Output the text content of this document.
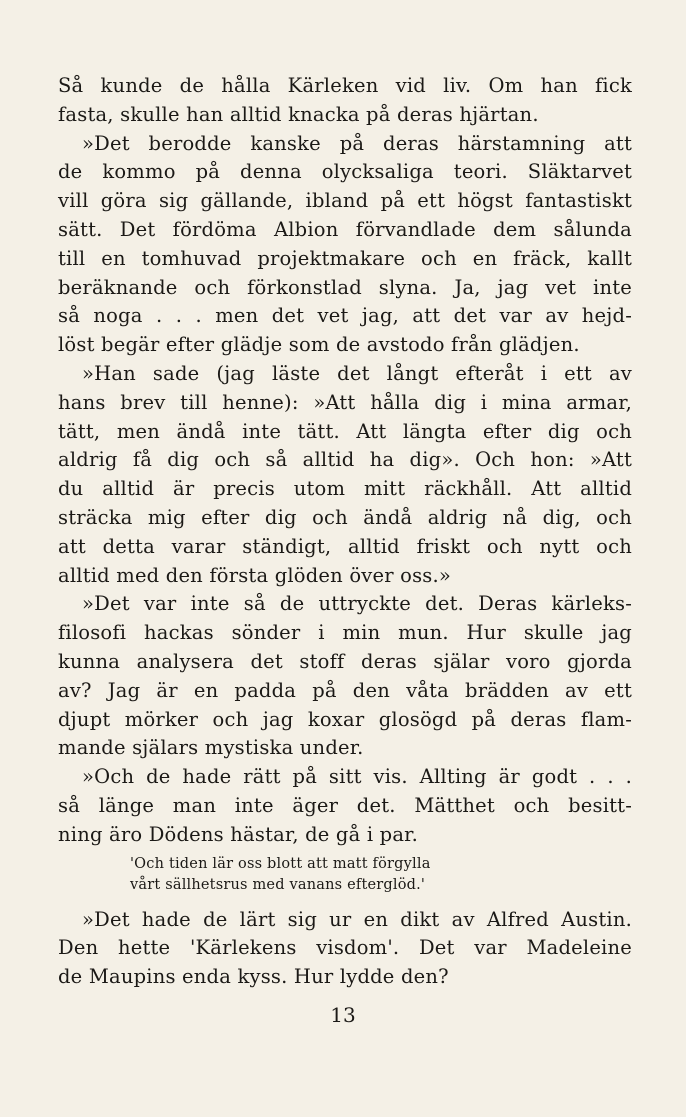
Så kunde de hålla Kärleken vid liv. Om han fick
fasta, skulle han alltid knacka på deras hjärtan.
»Det berodde kanske på deras härstamning att
de kommo på denna olycksaliga teori. Släktarvet
vill göra sig gällande, ibland på ett högst fantastiskt
sätt. Det fördöma Albion förvandlade dem sålunda
till en tomhuvad projektmakare och en fräck, kallt
beräknande och förkonstlad slyna. Ja, jag vet inte
så noga . . . men det vet jag, att det var av hejd-
löst begär efter glädje som de avstodo från glädjen.
»Han sade (jag läste det långt efteråt i ett av
hans brev till henne): »Att hålla dig i mina armar,
tätt, men ändå inte tätt. Att längta efter dig och
aldrig få dig och så alltid ha dig». Och hon: »Att
du alltid är precis utom mitt räckhåll. Att alltid
sträcka mig efter dig och ändå aldrig nå dig, och
att detta varar ständigt, alltid friskt och nytt och
alltid med den första glöden över oss.»
»Det var inte så de uttryckte det. Deras kärleks-
filosofi hackas sönder i min mun. Hur skulle jag
kunna analysera det stoff deras själar voro gjorda
av? Jag är en padda på den våta brädden av ett
djupt mörker och jag koxar glosögd på deras flam-
mande själars mystiska under.
»Och de hade rätt på sitt vis. Allting är godt . . .
så länge man inte äger det. Mätthet och besitt-
ning äro Dödens hästar, de gå i par.
'Och tiden lär oss blott att matt förgylla
vårt sällhetsrus med vanans efterglöd.'
»Det hade de lärt sig ur en dikt av Alfred Austin.
Den hette 'Kärlekens visdom'. Det var Madeleine
de Maupins enda kyss. Hur lydde den?
13
